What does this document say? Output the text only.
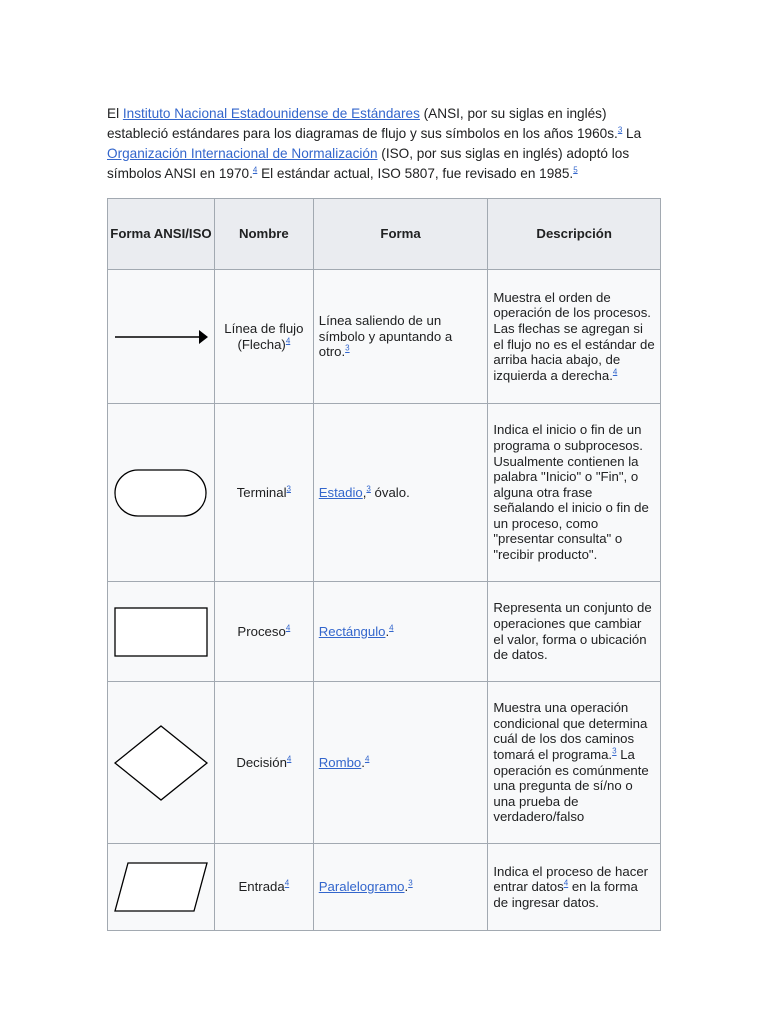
El Instituto Nacional Estadounidense de Estándares (ANSI, por su siglas en inglés) estableció estándares para los diagramas de flujo y sus símbolos en los años 1960s.$^3$ La Organización Internacional de Normalización (ISO, por sus siglas en inglés) adoptó los símbolos ANSI en 1970.$^4$ El estándar actual, ISO 5807, fue revisado en 1985.$^5$

Forma ANSI/ISO	Nombre	Forma	Descripción

	Línea de flujo (Flecha)$^4$	Línea saliendo de un símbolo y apuntando a otro.$^3$	Muestra el orden de operación de los procesos. Las flechas se agregan si el flujo no es el estándar de arriba hacia abajo, de izquierda a derecha.$^4$

	Terminal$^3$	Estadio,$^3$ óvalo.	Indica el inicio o fin de un programa o subprocesos. Usualmente contienen la palabra "Inicio" o "Fin", o alguna otra frase señalando el inicio o fin de un proceso, como "presentar consulta" o "recibir producto".

	Proceso$^4$	Rectángulo.$^4$	Representa un conjunto de operaciones que cambiar el valor, forma o ubicación de datos.

	Decisión$^4$	Rombo.$^4$	Muestra una operación condicional que determina cuál de los dos caminos tomará el programa.$^3$ La operación es comúnmente una pregunta de sí/no o una prueba de verdadero/falso

	Entrada$^4$	Paralelogramo.$^3$	Indica el proceso de hacer entrar datos$^4$ en la forma de ingresar datos.
